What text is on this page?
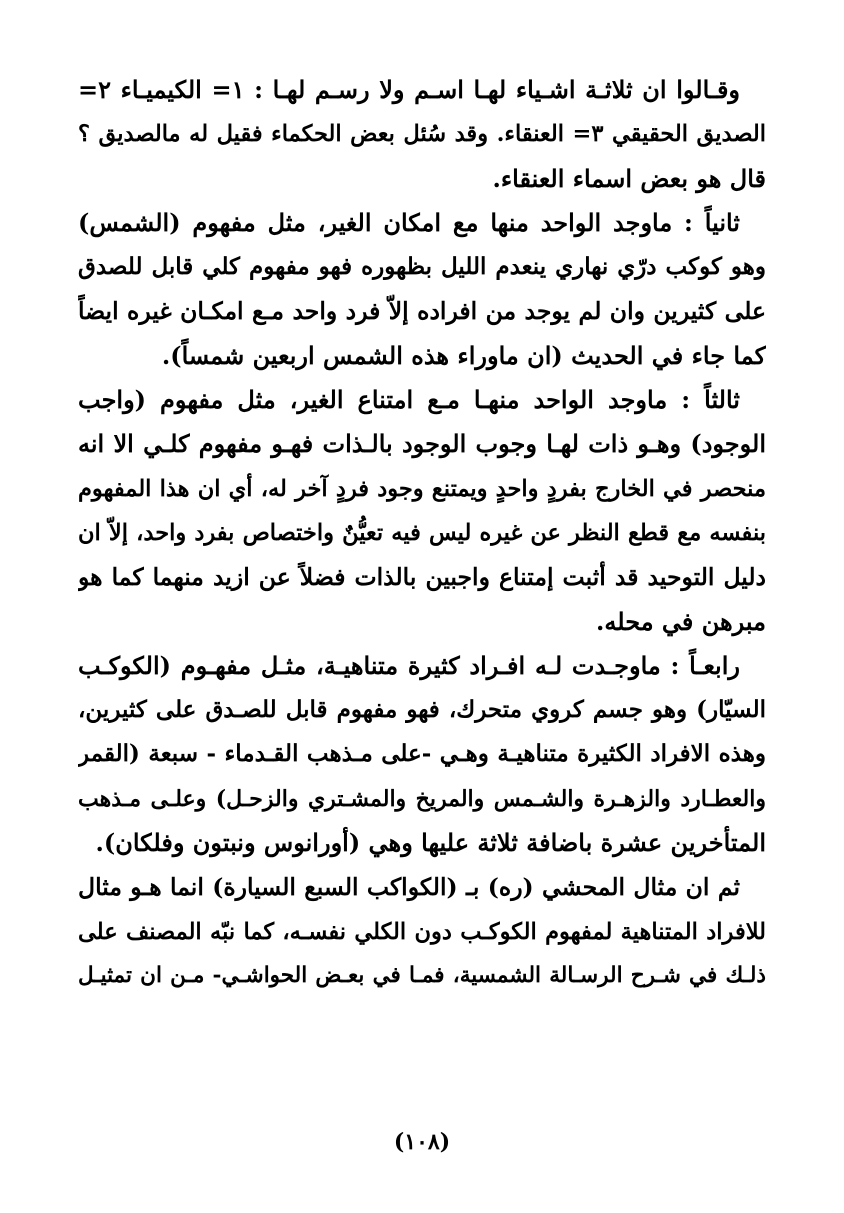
وقـالوا ان ثلاثـة اشـياء لهـا اسـم ولا رسـم لهـا : ١= الكيميـاء ٢=
الصديق الحقيقي ٣= العنقاء. وقد سُئل بعض الحكماء فقيل له مالصديق ؟
قال هو بعض اسماء العنقاء.
ثانياً : ماوجد الواحد منها مع امكان الغير، مثل مفهوم (الشمس)
وهو كوكب درّي نهاري ينعدم الليل بظهوره فهو مفهوم كلي قابل للصدق
على كثيرين وان لم يوجد من افراده إلاّ فرد واحد مـع امكـان غيره ايضاً
كما جاء في الحديث (ان ماوراء هذه الشمس اربعين شمساً).
ثالثاً : ماوجد الواحد منهـا مـع امتناع الغير، مثل مفهوم (واجب
الوجود) وهـو ذات لهـا وجوب الوجود بالـذات فهـو مفهوم كلـي الا انه
منحصر في الخارج بفردٍ واحدٍ ويمتنع وجود فردٍ آخر له، أي ان هذا المفهوم
بنفسه مع قطع النظر عن غيره ليس فيه تعيُّنٌ واختصاص بفرد واحد، إلاّ ان
دليل التوحيد قد أثبت إمتناع واجبين بالذات فضلاً عن ازيد منهما كما هو
مبرهن في محله.
رابعـاً : ماوجـدت لـه افـراد كثيرة متناهيـة، مثـل مفهـوم (الكوكـب
السيّار) وهو جسم كروي متحرك، فهو مفهوم قابل للصـدق على كثيرين،
وهذه الافراد الكثيرة متناهيـة وهـي -على مـذهب القـدماء - سبعة (القمر
والعطـارد والزهـرة والشـمس والمريخ والمشـتري والزحـل) وعلـى مـذهب
المتأخرين عشرة باضافة ثلاثة عليها وهي (أورانوس ونبتون وفلكان).
ثم ان مثال المحشي (ره) بـ (الكواكب السبع السيارة) انما هـو مثال
للافراد المتناهية لمفهوم الكوكـب دون الكلي نفسـه، كما نبّه المصنف على
ذلـك في شـرح الرسـالة الشمسية، فمـا في بعـض الحواشـي- مـن ان تمثيـل
(١٠٨)
